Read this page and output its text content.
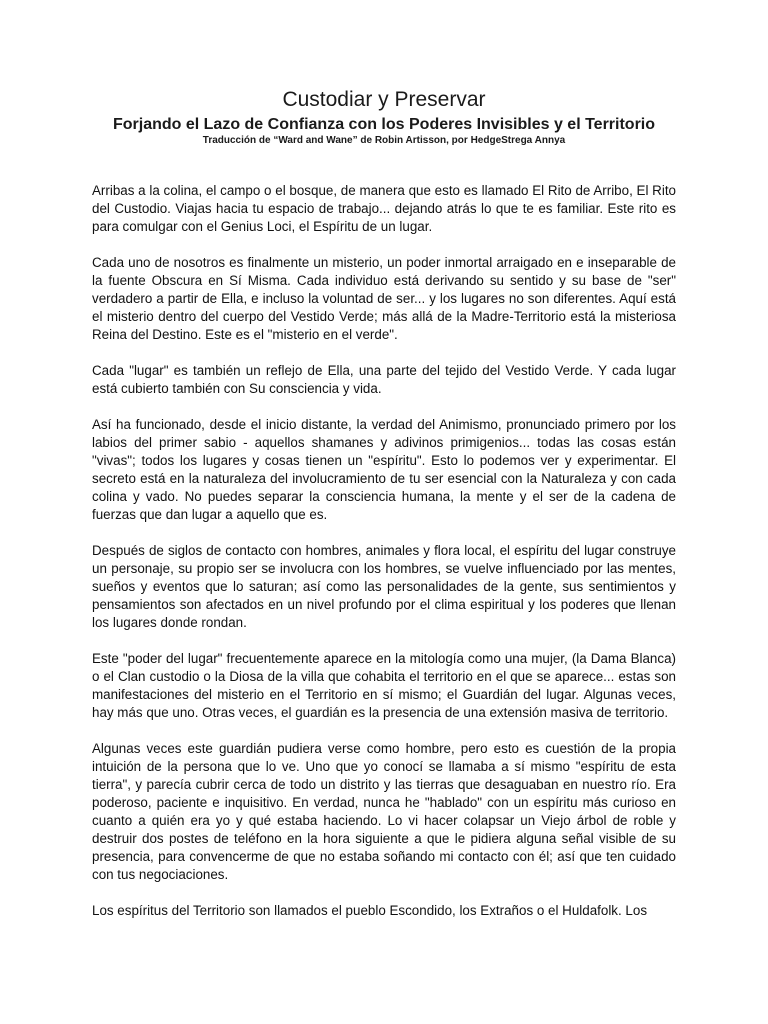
Custodiar y Preservar
Forjando el Lazo de Confianza con los Poderes Invisibles y el Territorio
Traducción de “Ward and Wane” de Robin Artisson, por HedgeStrega Annya

Arribas a la colina, el campo o el bosque, de manera que esto es llamado El Rito de Arribo, El Rito del Custodio. Viajas hacia tu espacio de trabajo... dejando atrás lo que te es familiar. Este rito es para comulgar con el Genius Loci, el Espíritu de un lugar.

Cada uno de nosotros es finalmente un misterio, un poder inmortal arraigado en e inseparable de la fuente Obscura en Sí Misma. Cada individuo está derivando su sentido y su base de "ser" verdadero a partir de Ella, e incluso la voluntad de ser... y los lugares no son diferentes. Aquí está el misterio dentro del cuerpo del Vestido Verde; más allá de la Madre-Territorio está la misteriosa Reina del Destino. Este es el "misterio en el verde".

Cada "lugar" es también un reflejo de Ella, una parte del tejido del Vestido Verde. Y cada lugar está cubierto también con Su consciencia y vida.

Así ha funcionado, desde el inicio distante, la verdad del Animismo, pronunciado primero por los labios del primer sabio - aquellos shamanes y adivinos primigenios... todas las cosas están "vivas"; todos los lugares y cosas tienen un "espíritu". Esto lo podemos ver y experimentar. El secreto está en la naturaleza del involucramiento de tu ser esencial con la Naturaleza y con cada colina y vado. No puedes separar la consciencia humana, la mente y el ser de la cadena de fuerzas que dan lugar a aquello que es.

Después de siglos de contacto con hombres, animales y flora local, el espíritu del lugar construye un personaje, su propio ser se involucra con los hombres, se vuelve influenciado por las mentes, sueños y eventos que lo saturan; así como las personalidades de la gente, sus sentimientos y pensamientos son afectados en un nivel profundo por el clima espiritual y los poderes que llenan los lugares donde rondan.

Este "poder del lugar" frecuentemente aparece en la mitología como una mujer, (la Dama Blanca) o el Clan custodio o la Diosa de la villa que cohabita el territorio en el que se aparece... estas son manifestaciones del misterio en el Territorio en sí mismo; el Guardián del lugar. Algunas veces, hay más que uno. Otras veces, el guardián es la presencia de una extensión masiva de territorio.

Algunas veces este guardián pudiera verse como hombre, pero esto es cuestión de la propia intuición de la persona que lo ve. Uno que yo conocí se llamaba a sí mismo "espíritu de esta tierra", y parecía cubrir cerca de todo un distrito y las tierras que desaguaban en nuestro río. Era poderoso, paciente e inquisitivo. En verdad, nunca he "hablado" con un espíritu más curioso en cuanto a quién era yo y qué estaba haciendo. Lo vi hacer colapsar un Viejo árbol de roble y destruir dos postes de teléfono en la hora siguiente a que le pidiera alguna señal visible de su presencia, para convencerme de que no estaba soñando mi contacto con él; así que ten cuidado con tus negociaciones.

Los espíritus del Territorio son llamados el pueblo Escondido, los Extraños o el Huldafolk. Los
